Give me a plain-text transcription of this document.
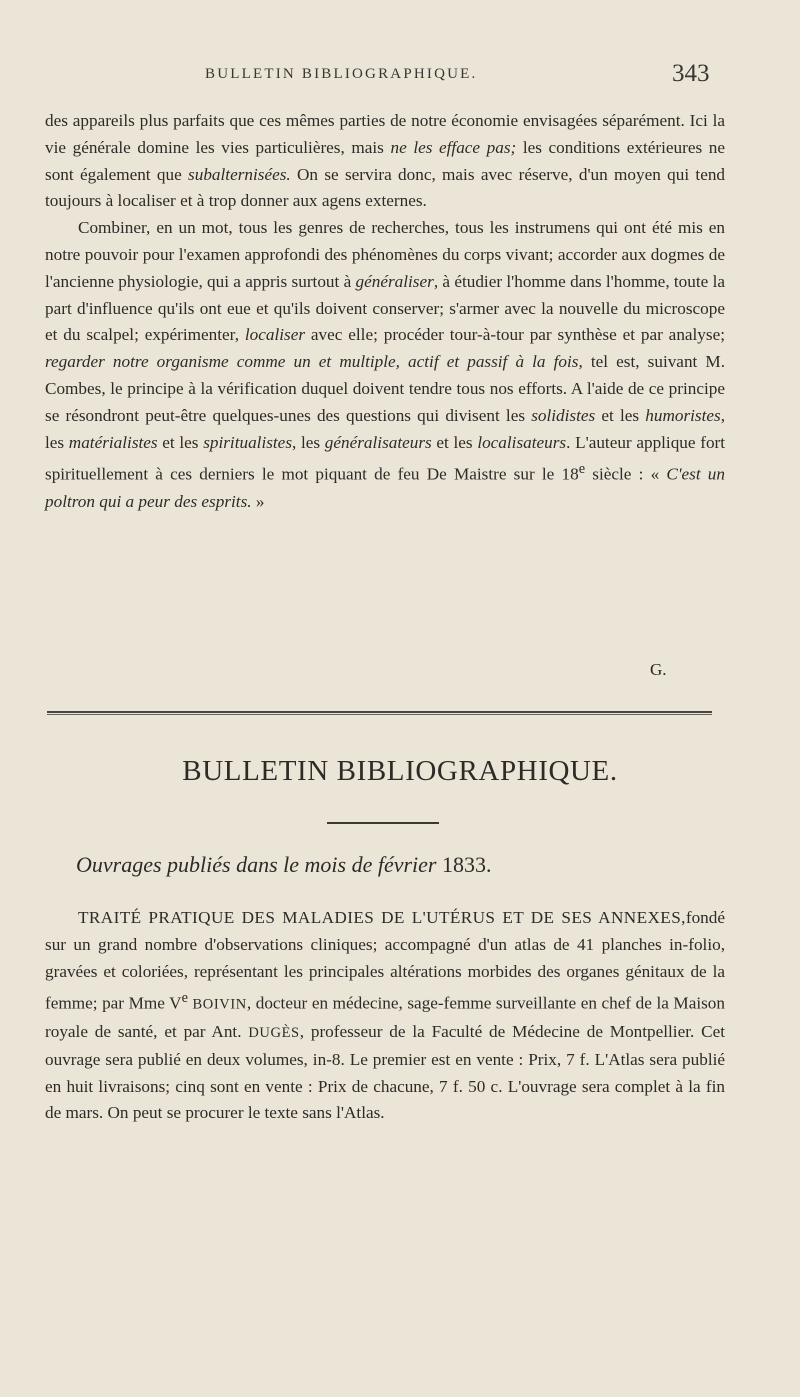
BULLETIN BIBLIOGRAPHIQUE.	343

des appareils plus parfaits que ces mêmes parties de notre économie envisagées séparément. Ici la vie générale domine les vies particulières, mais ne les efface pas; les conditions extérieures ne sont également que subalternisées. On se servira donc, mais avec réserve, d'un moyen qui tend toujours à localiser et à trop donner aux agens externes.

Combiner, en un mot, tous les genres de recherches, tous les instrumens qui ont été mis en notre pouvoir pour l'examen approfondi des phénomènes du corps vivant; accorder aux dogmes de l'ancienne physiologie, qui a appris surtout à généraliser, à étudier l'homme dans l'homme, toute la part d'influence qu'ils ont eue et qu'ils doivent conserver; s'armer avec la nouvelle du microscope et du scalpel; expérimenter, localiser avec elle; procéder tour-à-tour par synthèse et par analyse; regarder notre organisme comme un et multiple, actif et passif à la fois, tel est, suivant M. Combes, le principe à la vérification duquel doivent tendre tous nos efforts. A l'aide de ce principe se résondront peut-être quelques-unes des questions qui divisent les solidistes et les humoristes, les matérialistes et les spiritualistes, les généralisateurs et les localisateurs. L'auteur applique fort spirituellement à ces derniers le mot piquant de feu De Maistre sur le 18e siècle : « C'est un poltron qui a peur des esprits. »

G.
BULLETIN BIBLIOGRAPHIQUE.
Ouvrages publiés dans le mois de février 1833.

TRAITÉ PRATIQUE DES MALADIES DE L'UTÉRUS ET DE SES ANNEXES,fondé sur un grand nombre d'observations cliniques; accompagné d'un atlas de 41 planches in-folio, gravées et coloriées, représentant les principales altérations morbides des organes génitaux de la femme; par Mme Ve BOIVIN, docteur en médecine, sage-femme surveillante en chef de la Maison royale de santé, et par Ant. DUGÈS, professeur de la Faculté de Médecine de Montpellier. Cet ouvrage sera publié en deux volumes, in-8. Le premier est en vente : Prix, 7 f. L'Atlas sera publié en huit livraisons; cinq sont en vente : Prix de chacune, 7 f. 50 c. L'ouvrage sera complet à la fin de mars. On peut se procurer le texte sans l'Atlas.
